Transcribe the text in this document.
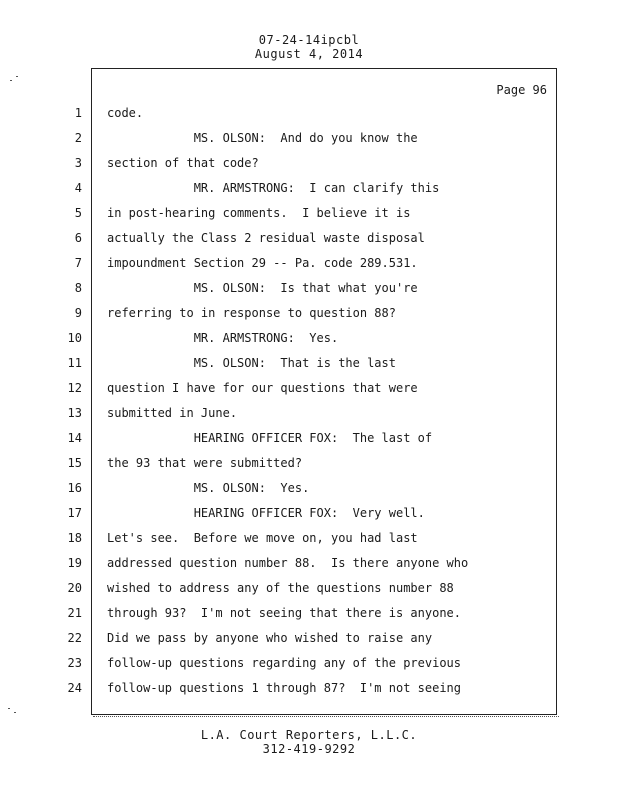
07-24-14ipcbl
August 4, 2014
Page 96
1 code.
2 MS. OLSON:  And do you know the
3 section of that code?
4 MR. ARMSTRONG:  I can clarify this
5 in post-hearing comments.  I believe it is
6 actually the Class 2 residual waste disposal
7 impoundment Section 29 -- Pa. code 289.531.
8 MS. OLSON:  Is that what you're
9 referring to in response to question 88?
10 MR. ARMSTRONG:  Yes.
11 MS. OLSON:  That is the last
12 question I have for our questions that were
13 submitted in June.
14 HEARING OFFICER FOX:  The last of
15 the 93 that were submitted?
16 MS. OLSON:  Yes.
17 HEARING OFFICER FOX:  Very well.
18 Let's see.  Before we move on, you had last
19 addressed question number 88.  Is there anyone who
20 wished to address any of the questions number 88
21 through 93?  I'm not seeing that there is anyone.
22 Did we pass by anyone who wished to raise any
23 follow-up questions regarding any of the previous
24 follow-up questions 1 through 87?  I'm not seeing
L.A. Court Reporters, L.L.C.
312-419-9292
